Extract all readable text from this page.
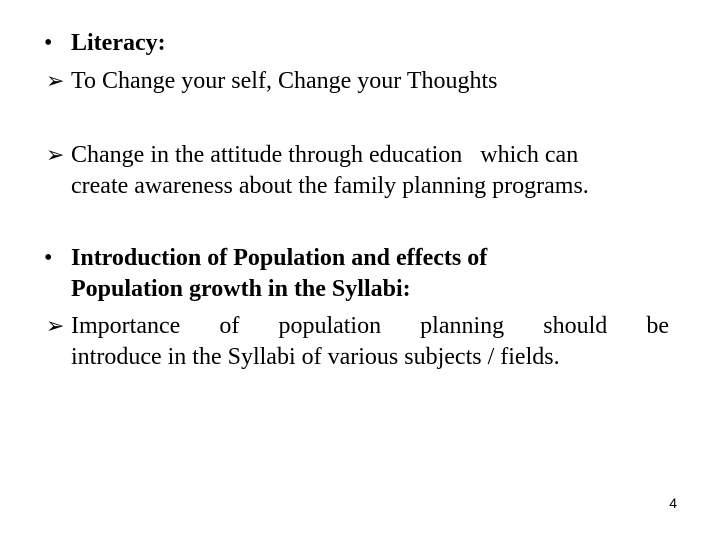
• Literacy:
➢ To Change your self, Change your Thoughts
➢ Change in the attitude through education   which can
create awareness about the family planning programs.
• Introduction of Population and effects of
Population growth in the Syllabi:
➢ Importance of population planning should be
introduce in the Syllabi of various subjects / fields.
4
